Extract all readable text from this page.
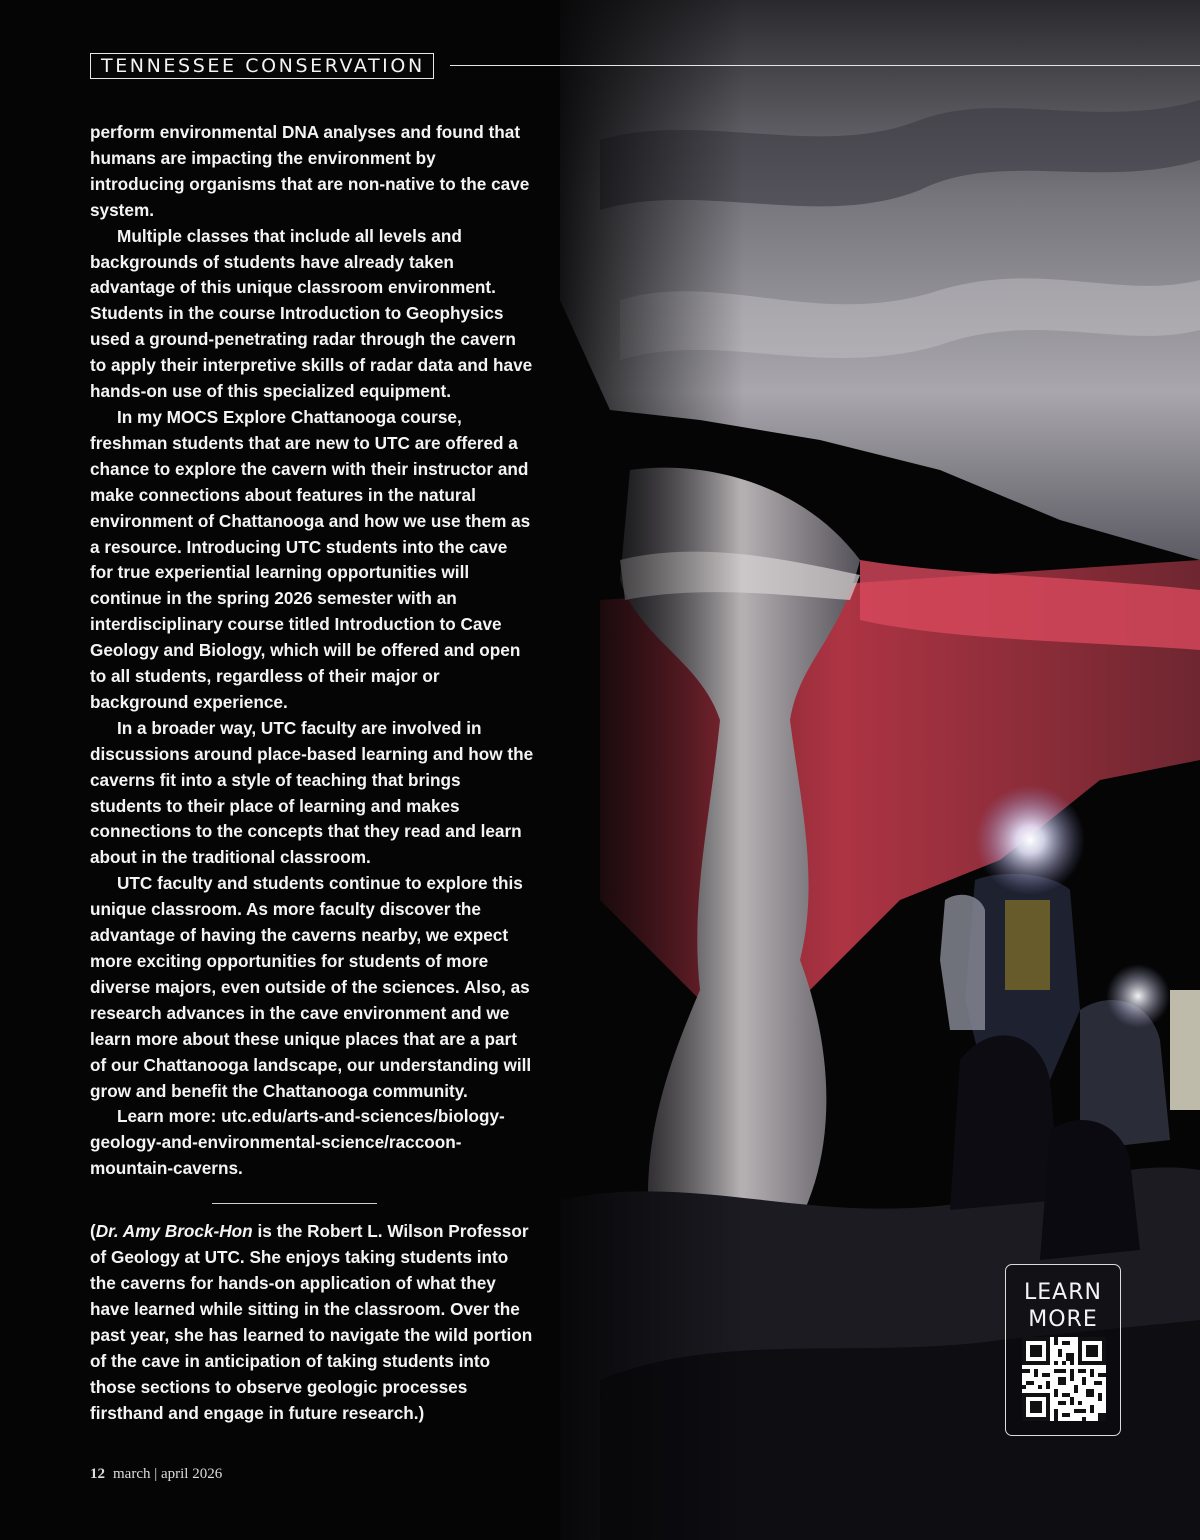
TENNESSEE CONSERVATION

perform environmental DNA analyses and found that humans are impacting the environment by introducing organisms that are non-native to the cave system.

Multiple classes that include all levels and backgrounds of students have already taken advantage of this unique classroom environment. Students in the course Introduction to Geophysics used a ground-penetrating radar through the cavern to apply their interpretive skills of radar data and have hands-on use of this specialized equipment.

In my MOCS Explore Chattanooga course, freshman students that are new to UTC are offered a chance to explore the cavern with their instructor and make connections about features in the natural environment of Chattanooga and how we use them as a resource. Introducing UTC students into the cave for true experiential learning opportunities will continue in the spring 2026 semester with an interdisciplinary course titled Introduction to Cave Geology and Biology, which will be offered and open to all students, regardless of their major or background experience.

In a broader way, UTC faculty are involved in discussions around place-based learning and how the caverns fit into a style of teaching that brings students to their place of learning and makes connections to the concepts that they read and learn about in the traditional classroom.

UTC faculty and students continue to explore this unique classroom. As more faculty discover the advantage of having the caverns nearby, we expect more exciting opportunities for students of more diverse majors, even outside of the sciences. Also, as research advances in the cave environment and we learn more about these unique places that are a part of our Chattanooga landscape, our understanding will grow and benefit the Chattanooga community.

Learn more: utc.edu/arts-and-sciences/biology-geology-and-environmental-science/raccoon-mountain-caverns.

(Dr. Amy Brock-Hon is the Robert L. Wilson Professor of Geology at UTC. She enjoys taking students into the caverns for hands-on application of what they have learned while sitting in the classroom. Over the past year, she has learned to navigate the wild portion of the cave in anticipation of taking students into those sections to observe geologic processes firsthand and engage in future research.)

LEARN
MORE
12 march | april 2026
